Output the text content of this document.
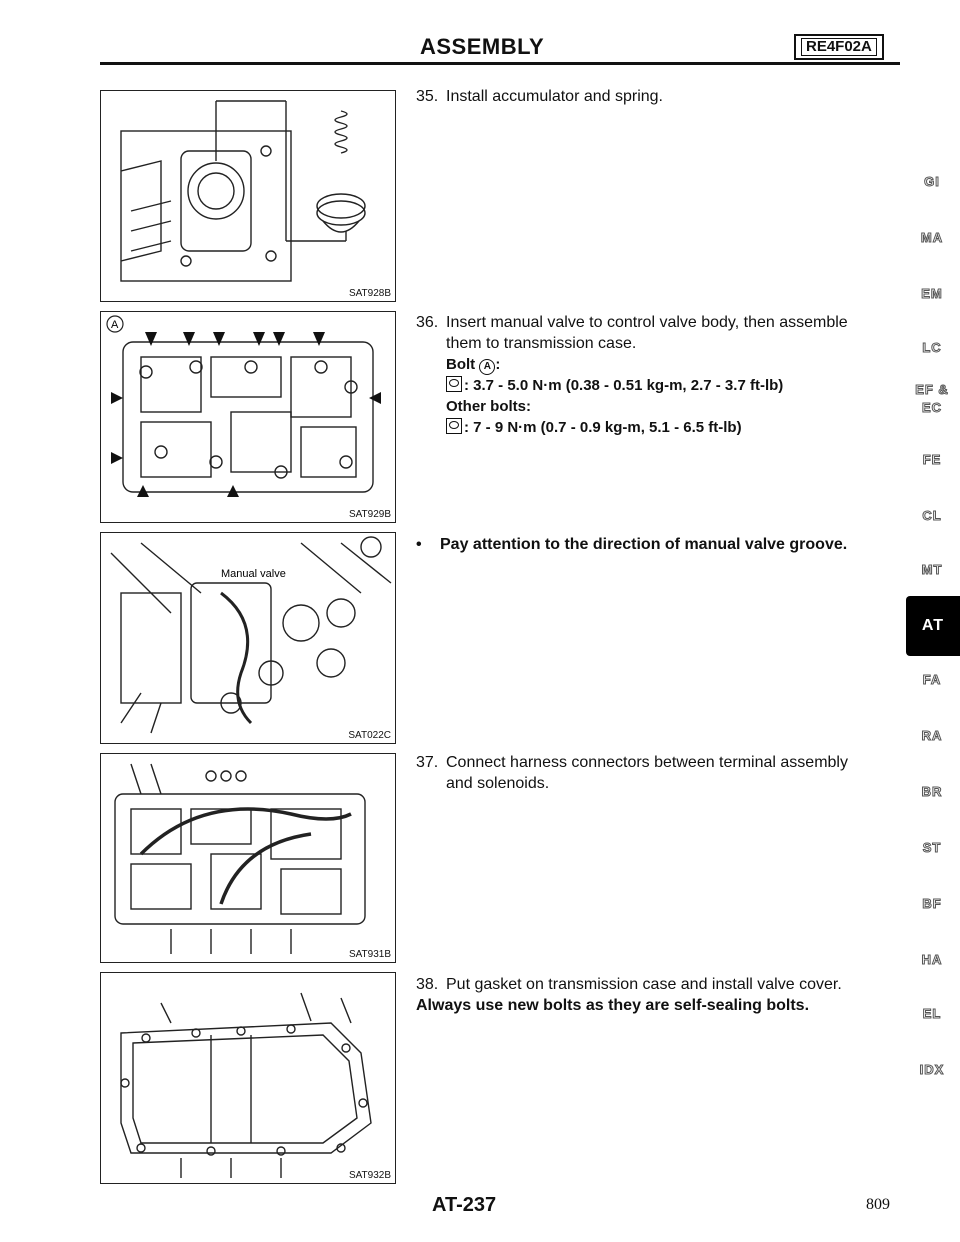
ASSEMBLY	RE4F02A
SAT928B
A
SAT929B
Manual valve
SAT022C
SAT931B
SAT932B
35. Install accumulator and spring.
36. Insert manual valve to control valve body, then assemble
them to transmission case.
Bolt A :
: 3.7 - 5.0 N·m (0.38 - 0.51 kg-m, 2.7 - 3.7 ft-lb)
Other bolts:
: 7 - 9 N·m (0.7 - 0.9 kg-m, 5.1 - 6.5 ft-lb)
• Pay attention to the direction of manual valve groove.
37. Connect harness connectors between terminal assembly
and solenoids.
38. Put gasket on transmission case and install valve cover.
Always use new bolts as they are self-sealing bolts.
GI
MA
EM
LC
EF &
EC
FE
CL
MT
AT
FA
RA
BR
ST
BF
HA
EL
IDX
AT-237	809
